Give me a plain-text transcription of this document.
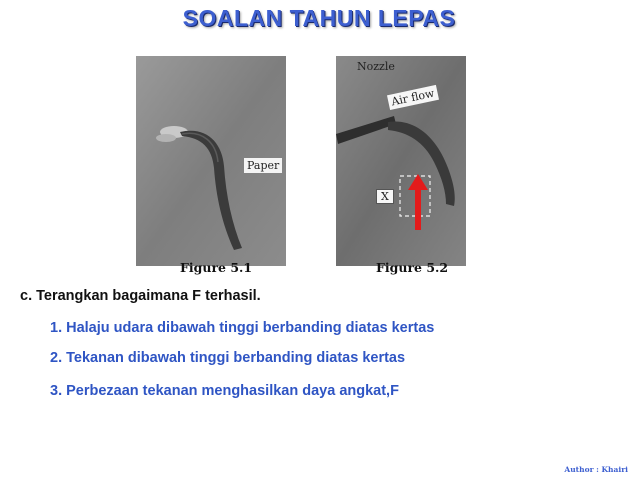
SOALAN TAHUN LEPAS
Paper
Figure 5.1
Nozzle
Air flow
X
Figure 5.2
c. Terangkan bagaimana F terhasil.
1. Halaju udara dibawah tinggi berbanding diatas kertas
2. Tekanan dibawah tinggi berbanding diatas kertas
3. Perbezaan tekanan menghasilkan daya angkat,F
Author : Khairi
